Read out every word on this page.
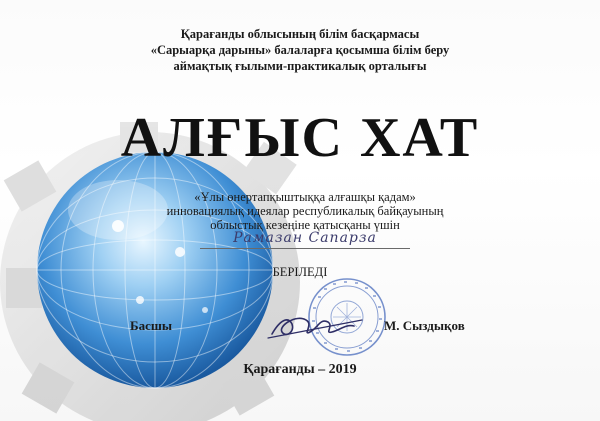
Қарағанды облысының білім басқармасы
«Сарыарқа дарыны» балаларға қосымша білім беру
аймақтық ғылыми-практикалық орталығы
АЛҒЫС ХАТ
«Ұлы өнертапқыштыққа алғашқы қадам»
инновациялық идеялар республикалық байқауының
облыстық кезеңіне қатысқаны үшін
Рамазан Сапарза
БЕРІЛЕДІ
Басшы	М. Сыздықов
Қарағанды – 2019
